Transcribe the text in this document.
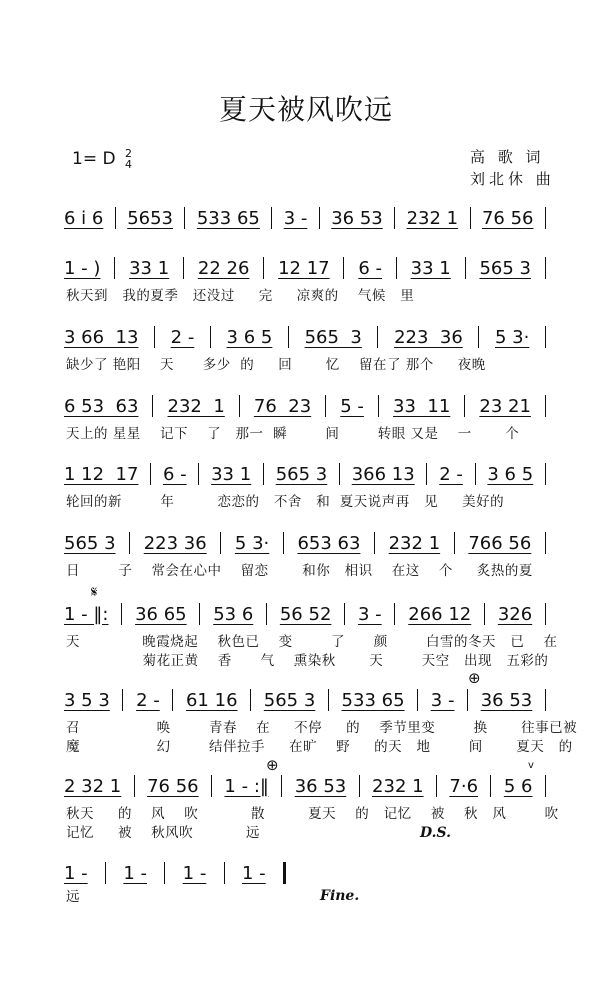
夏天被风吹远
1= D 2
4	高 歌 词
刘北休 曲
6 i 6 5653 533 65 3 - 36 53 232 1 76 56
1 - ) 33 1 22 26 12 17 6 - 33 1 565 3
秋天到   我的夏季   还没过     完     凉爽的    气候   里
3 66  13 2 - 3 6 5 565  3 223  36 5 3·
缺少了 艳阳    天      多少  的     回       忆    留在了 那个     夜晚
6 53  63 232  1 76  23 5 - 33  11 23 21
天上的 星星    记下    了   那一  瞬        间        转眼 又是    一       个
1 12  17 6 - 33 1 565 3 366 13 2 - 3 6 5
轮回的新        年         恋恋的   不舍   和  夏天说声再   见     美好的
565 3 223 36 5 3· 653 63 232 1 766 56
日        子    常会在心中    留恋       和你   相识    在这    个     炙热的夏
1 - ‖: 36 65 53 6 56 52 3 - 266 12 326
天             晚霞烧起    秋色已    变        了      颜        白雪的冬天   已    在
菊花正黄    香      气    熏染秋       天        天空   出现   五彩的
3 5 3 2 - 61 16 565 3 533 65 3 - 36 53
召                唤        青春    在     不停     的    季节里变        换       往事已被
魔                幻        结伴拉手     在旷    野     的天   地        间       夏天   的
2 32 1 76 56 1 - :‖ 36 53 232 1 7·6 5 6
秋天     的    风    吹           散         夏天    的   记忆    被    秋   风        吹
记忆     被    秋风吹           远
1 - 1 - 1 - 1 -
远
𝄋
⊕
⊕	v
D.S.
Fine.
